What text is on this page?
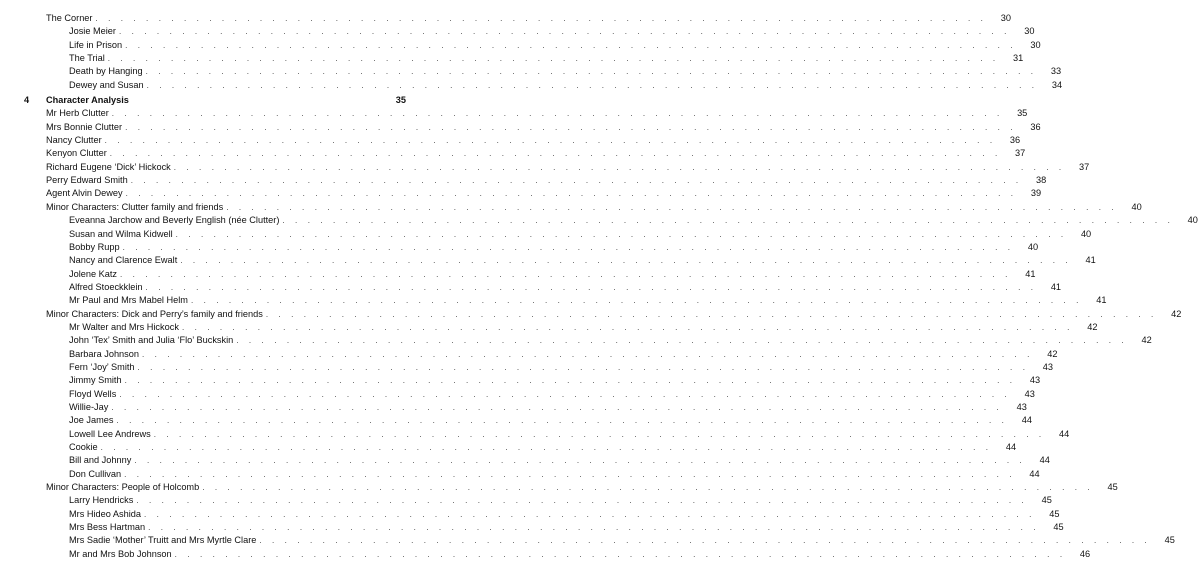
The Corner . . . . . . . . . . . . . . . . . . . . . . . . . . . . . . . . . . . . . . . . . . . . . . . . . . . . . . . . . . . . . . . . . . . . . . .	30
Josie Meier . . . . . . . . . . . . . . . . . . . . . . . . . . . . . . . . . . . . . . . . . . . . . . . . . . . . . . . . . . . . . . . . . . . . . . .	30
Life in Prison . . . . . . . . . . . . . . . . . . . . . . . . . . . . . . . . . . . . . . . . . . . . . . . . . . . . . . . . . . . . . . . . . . . . . . .	30
The Trial . . . . . . . . . . . . . . . . . . . . . . . . . . . . . . . . . . . . . . . . . . . . . . . . . . . . . . . . . . . . . . . . . . . . . . .	31
Death by Hanging . . . . . . . . . . . . . . . . . . . . . . . . . . . . . . . . . . . . . . . . . . . . . . . . . . . . . . . . . . . . . . . . . . . . . . .	33
Dewey and Susan . . . . . . . . . . . . . . . . . . . . . . . . . . . . . . . . . . . . . . . . . . . . . . . . . . . . . . . . . . . . . . . . . . . . . . .	34
4	Character Analysis	35
Mr Herb Clutter . . . . . . . . . . . . . . . . . . . . . . . . . . . . . . . . . . . . . . . . . . . . . . . . . . . . . . . . . . . . . . . . . . . . . . .	35
Mrs Bonnie Clutter . . . . . . . . . . . . . . . . . . . . . . . . . . . . . . . . . . . . . . . . . . . . . . . . . . . . . . . . . . . . . . . . . . . . . . .	36
Nancy Clutter . . . . . . . . . . . . . . . . . . . . . . . . . . . . . . . . . . . . . . . . . . . . . . . . . . . . . . . . . . . . . . . . . . . . . . .	36
Kenyon Clutter . . . . . . . . . . . . . . . . . . . . . . . . . . . . . . . . . . . . . . . . . . . . . . . . . . . . . . . . . . . . . . . . . . . . . . .	37
Richard Eugene ‘Dick’ Hickock . . . . . . . . . . . . . . . . . . . . . . . . . . . . . . . . . . . . . . . . . . . . . . . . . . . . . . . . . . . . . . . . . . . . . . .	37
Perry Edward Smith . . . . . . . . . . . . . . . . . . . . . . . . . . . . . . . . . . . . . . . . . . . . . . . . . . . . . . . . . . . . . . . . . . . . . . .	38
Agent Alvin Dewey . . . . . . . . . . . . . . . . . . . . . . . . . . . . . . . . . . . . . . . . . . . . . . . . . . . . . . . . . . . . . . . . . . . . . . .	39
Minor Characters: Clutter family and friends . . . . . . . . . . . . . . . . . . . . . . . . . . . . . . . . . . . . . . . . . . . . . . . . . . . . . . . . . . . . . . . . . . . . . . .	40
Eveanna Jarchow and Beverly English (née Clutter) . . . . . . . . . . . . . . . . . . . . . . . . . . . . . . . . . . . . . . . . . . . . . . . . . . . . . . . . . . . . . . . . . . . . . . .	40
Susan and Wilma Kidwell . . . . . . . . . . . . . . . . . . . . . . . . . . . . . . . . . . . . . . . . . . . . . . . . . . . . . . . . . . . . . . . . . . . . . . .	40
Bobby Rupp . . . . . . . . . . . . . . . . . . . . . . . . . . . . . . . . . . . . . . . . . . . . . . . . . . . . . . . . . . . . . . . . . . . . . . .	40
Nancy and Clarence Ewalt . . . . . . . . . . . . . . . . . . . . . . . . . . . . . . . . . . . . . . . . . . . . . . . . . . . . . . . . . . . . . . . . . . . . . . .	41
Jolene Katz . . . . . . . . . . . . . . . . . . . . . . . . . . . . . . . . . . . . . . . . . . . . . . . . . . . . . . . . . . . . . . . . . . . . . . .	41
Alfred Stoeckklein . . . . . . . . . . . . . . . . . . . . . . . . . . . . . . . . . . . . . . . . . . . . . . . . . . . . . . . . . . . . . . . . . . . . . . .	41
Mr Paul and Mrs Mabel Helm . . . . . . . . . . . . . . . . . . . . . . . . . . . . . . . . . . . . . . . . . . . . . . . . . . . . . . . . . . . . . . . . . . . . . . .	41
Minor Characters: Dick and Perry’s family and friends . . . . . . . . . . . . . . . . . . . . . . . . . . . . . . . . . . . . . . . . . . . . . . . . . . . . . . . . . . . . . . . . . . . . . . .	42
Mr Walter and Mrs Hickock . . . . . . . . . . . . . . . . . . . . . . . . . . . . . . . . . . . . . . . . . . . . . . . . . . . . . . . . . . . . . . . . . . . . . . .	42
John ‘Tex’ Smith and Julia ‘Flo’ Buckskin . . . . . . . . . . . . . . . . . . . . . . . . . . . . . . . . . . . . . . . . . . . . . . . . . . . . . . . . . . . . . . . . . . . . . . .	42
Barbara Johnson . . . . . . . . . . . . . . . . . . . . . . . . . . . . . . . . . . . . . . . . . . . . . . . . . . . . . . . . . . . . . . . . . . . . . . .	42
Fern ‘Joy’ Smith . . . . . . . . . . . . . . . . . . . . . . . . . . . . . . . . . . . . . . . . . . . . . . . . . . . . . . . . . . . . . . . . . . . . . . .	43
Jimmy Smith . . . . . . . . . . . . . . . . . . . . . . . . . . . . . . . . . . . . . . . . . . . . . . . . . . . . . . . . . . . . . . . . . . . . . . .	43
Floyd Wells . . . . . . . . . . . . . . . . . . . . . . . . . . . . . . . . . . . . . . . . . . . . . . . . . . . . . . . . . . . . . . . . . . . . . . .	43
Willie-Jay . . . . . . . . . . . . . . . . . . . . . . . . . . . . . . . . . . . . . . . . . . . . . . . . . . . . . . . . . . . . . . . . . . . . . . .	43
Joe James . . . . . . . . . . . . . . . . . . . . . . . . . . . . . . . . . . . . . . . . . . . . . . . . . . . . . . . . . . . . . . . . . . . . . . .	44
Lowell Lee Andrews . . . . . . . . . . . . . . . . . . . . . . . . . . . . . . . . . . . . . . . . . . . . . . . . . . . . . . . . . . . . . . . . . . . . . . .	44
Cookie . . . . . . . . . . . . . . . . . . . . . . . . . . . . . . . . . . . . . . . . . . . . . . . . . . . . . . . . . . . . . . . . . . . . . . .	44
Bill and Johnny . . . . . . . . . . . . . . . . . . . . . . . . . . . . . . . . . . . . . . . . . . . . . . . . . . . . . . . . . . . . . . . . . . . . . . .	44
Don Cullivan . . . . . . . . . . . . . . . . . . . . . . . . . . . . . . . . . . . . . . . . . . . . . . . . . . . . . . . . . . . . . . . . . . . . . . .	44
Minor Characters: People of Holcomb . . . . . . . . . . . . . . . . . . . . . . . . . . . . . . . . . . . . . . . . . . . . . . . . . . . . . . . . . . . . . . . . . . . . . . .	45
Larry Hendricks . . . . . . . . . . . . . . . . . . . . . . . . . . . . . . . . . . . . . . . . . . . . . . . . . . . . . . . . . . . . . . . . . . . . . . .	45
Mrs Hideo Ashida . . . . . . . . . . . . . . . . . . . . . . . . . . . . . . . . . . . . . . . . . . . . . . . . . . . . . . . . . . . . . . . . . . . . . . .	45
Mrs Bess Hartman . . . . . . . . . . . . . . . . . . . . . . . . . . . . . . . . . . . . . . . . . . . . . . . . . . . . . . . . . . . . . . . . . . . . . . .	45
Mrs Sadie ‘Mother’ Truitt and Mrs Myrtle Clare . . . . . . . . . . . . . . . . . . . . . . . . . . . . . . . . . . . . . . . . . . . . . . . . . . . . . . . . . . . . . . . . . . . . . . .	45
Mr and Mrs Bob Johnson . . . . . . . . . . . . . . . . . . . . . . . . . . . . . . . . . . . . . . . . . . . . . . . . . . . . . . . . . . . . . . . . . . . . . . .	46
